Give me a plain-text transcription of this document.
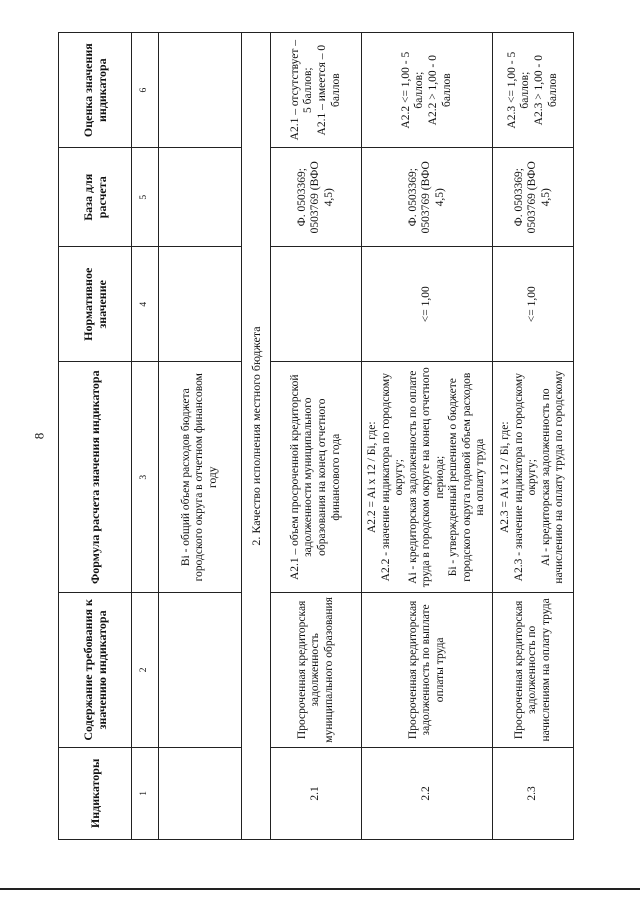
8
Индикаторы	Содержание требования к значению индикатора	Формула расчета значения индикатора	Нормативное значение	База для расчета	Оценка значения индикатора
1	2	3	4	5	6
		Bi - общий объем расходов бюджета городского округа в отчетном финансовом году			
2. Качество исполнения местного бюджета					
2.1	Просроченная кредиторская задолженность муниципального образования	A2.1 – объем просроченной кредиторской задолженности муниципального образования на конец отчетного финансового года		Ф. 0503369; 0503769 (ВФО 4,5)	A2.1 – отсутствует – 5 баллов; A2.1 – имеется – 0 баллов

2.2	Просроченная кредиторская задолженность по выплате оплаты труда	A2.2 = Ai x 12 / Бi, где: A2.2 - значение индикатора по городскому округу; Ai - кредиторская задолженность по оплате труда в городском округе на конец отчетного периода; Бi - утвержденный решением о бюджете городского округа годовой объем расходов на оплату труда	<= 1,00	Ф. 0503369; 0503769 (ВФО 4,5)	A2.2 <= 1,00 - 5 баллов; A2.2 > 1,00 - 0 баллов

2.3	Просроченная кредиторская задолженность по начислениям на оплату труда	A2.3 = Ai x 12 / Бi, где: A2.3 - значение индикатора по городскому округу; Ai - кредиторская задолженность по начислению на оплату труда по городскому	<= 1,00	Ф. 0503369; 0503769 (ВФО 4,5)	A2.3 <= 1,00 - 5 баллов; A2.3 > 1,00 - 0 баллов
